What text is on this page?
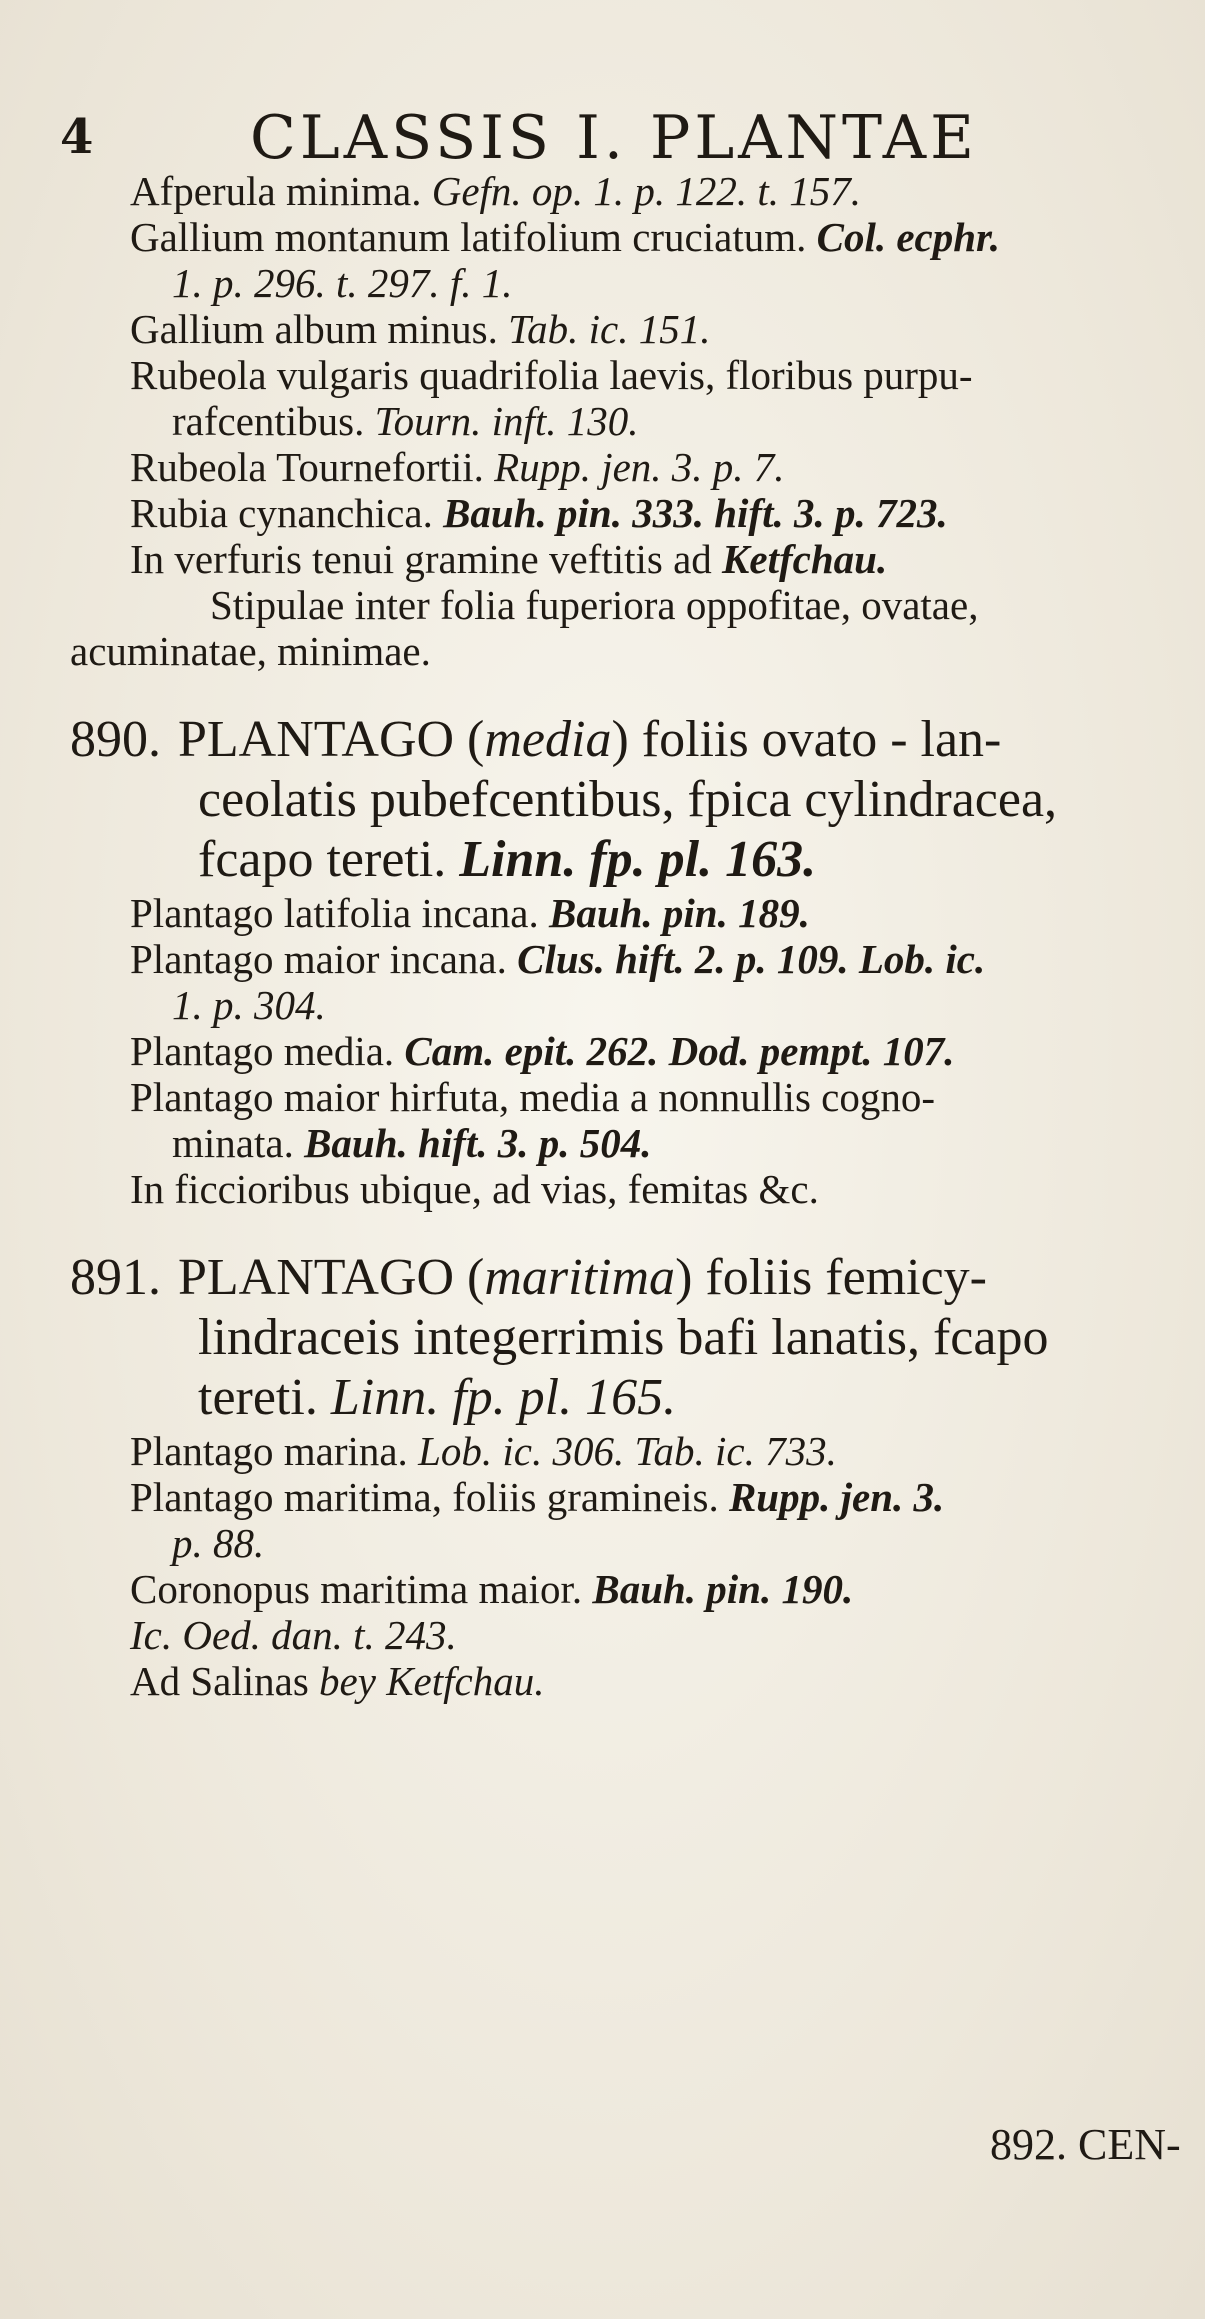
4	CLASSIS I. PLANTAE

Afperula minima. Gefn. op. 1. p. 122. t. 157.

Gallium montanum latifolium cruciatum. Col. ecphr.

1. p. 296. t. 297. f. 1.

Gallium album minus. Tab. ic. 151.

Rubeola vulgaris quadrifolia laevis, floribus purpu-

rafcentibus. Tourn. inft. 130.

Rubeola Tournefortii. Rupp. jen. 3. p. 7.

Rubia cynanchica. Bauh. pin. 333. hift. 3. p. 723.

In verfuris tenui gramine veftitis ad Ketfchau.

Stipulae inter folia fuperiora oppofitae, ovatae,

acuminatae, minimae.

890. PLANTAGO (media) foliis ovato - lan-

ceolatis pubefcentibus, fpica cylindracea,

fcapo tereti. Linn. fp. pl. 163.

Plantago latifolia incana. Bauh. pin. 189.

Plantago maior incana. Clus. hift. 2. p. 109. Lob. ic.

1. p. 304.

Plantago media. Cam. epit. 262. Dod. pempt. 107.

Plantago maior hirfuta, media a nonnullis cogno-

minata. Bauh. hift. 3. p. 504.

In ficcioribus ubique, ad vias, femitas &c.

891. PLANTAGO (maritima) foliis femicy-

lindraceis integerrimis bafi lanatis, fcapo

tereti. Linn. fp. pl. 165.

Plantago marina. Lob. ic. 306. Tab. ic. 733.

Plantago maritima, foliis gramineis. Rupp. jen. 3.

p. 88.

Coronopus maritima maior. Bauh. pin. 190.

Ic. Oed. dan. t. 243.

Ad Salinas bey Ketfchau.

892. CEN-
